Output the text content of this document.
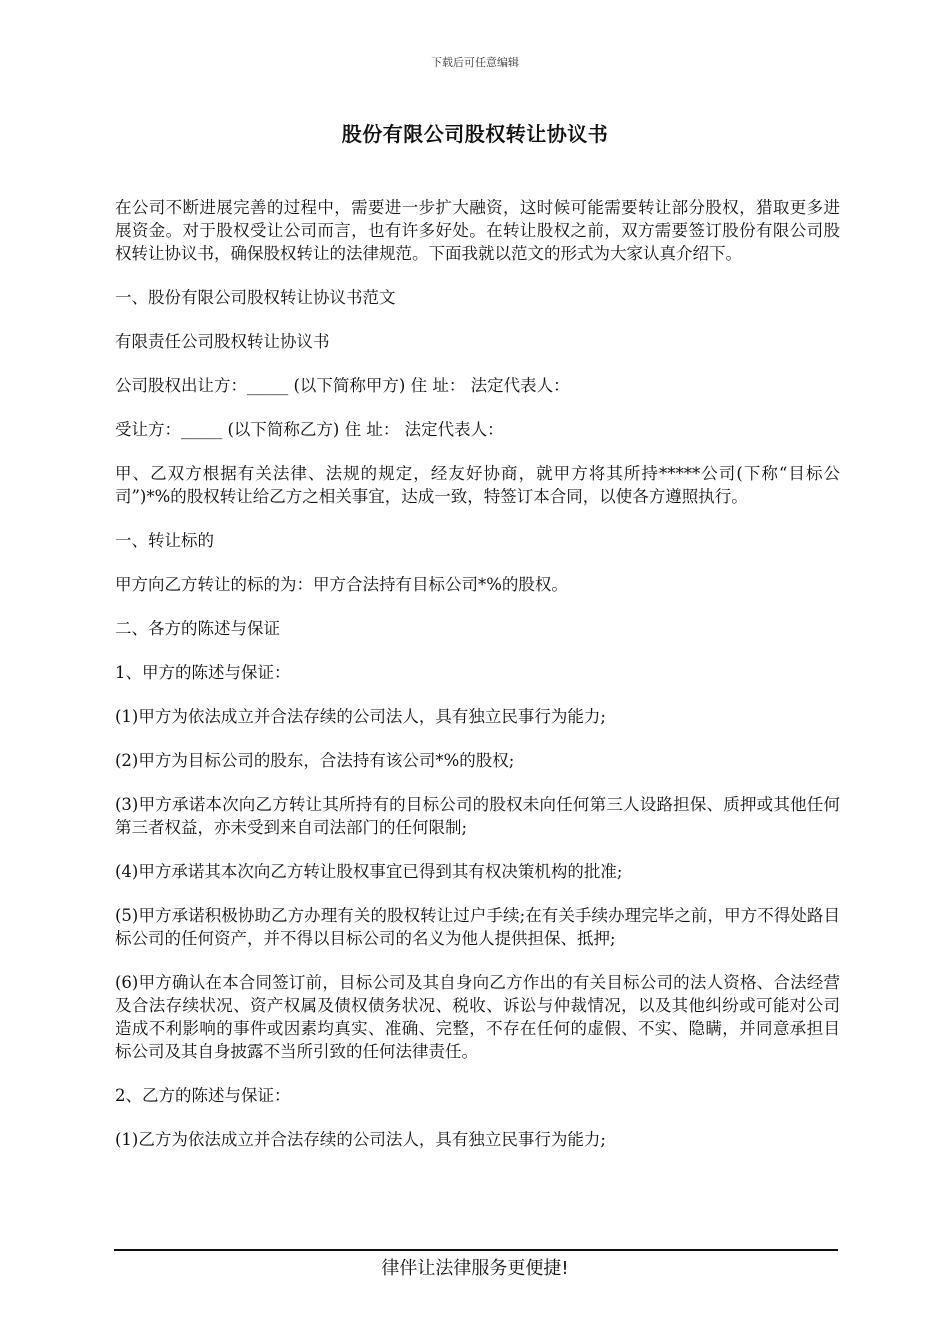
下载后可任意编辑
股份有限公司股权转让协议书

在公司不断进展完善的过程中，需要进一步扩大融资，这时候可能需要转让部分股权，猎取更多进展资金。对于股权受让公司而言，也有许多好处。在转让股权之前，双方需要签订股份有限公司股权转让协议书，确保股权转让的法律规范。下面我就以范文的形式为大家认真介绍下。

一、股份有限公司股权转让协议书范文

有限责任公司股权转让协议书

公司股权出让方：_____ (以下简称甲方) 住 址： 法定代表人：

受让方：_____ (以下简称乙方) 住 址： 法定代表人：

甲、乙双方根据有关法律、法规的规定，经友好协商，就甲方将其所持*****公司(下称“目标公司”)*%的股权转让给乙方之相关事宜，达成一致，特签订本合同，以使各方遵照执行。

一、转让标的

甲方向乙方转让的标的为：甲方合法持有目标公司*%的股权。

二、各方的陈述与保证

1、甲方的陈述与保证：

(1)甲方为依法成立并合法存续的公司法人，具有独立民事行为能力;

(2)甲方为目标公司的股东，合法持有该公司*%的股权;

(3)甲方承诺本次向乙方转让其所持有的目标公司的股权未向任何第三人设路担保、质押或其他任何第三者权益，亦未受到来自司法部门的任何限制;

(4)甲方承诺其本次向乙方转让股权事宜已得到其有权决策机构的批准;

(5)甲方承诺积极协助乙方办理有关的股权转让过户手续;在有关手续办理完毕之前，甲方不得处路目标公司的任何资产，并不得以目标公司的名义为他人提供担保、抵押;

(6)甲方确认在本合同签订前，目标公司及其自身向乙方作出的有关目标公司的法人资格、合法经营及合法存续状况、资产权属及债权债务状况、税收、诉讼与仲裁情况，以及其他纠纷或可能对公司造成不利影响的事件或因素均真实、准确、完整，不存在任何的虚假、不实、隐瞒，并同意承担目标公司及其自身披露不当所引致的任何法律责任。

2、乙方的陈述与保证：

(1)乙方为依法成立并合法存续的公司法人，具有独立民事行为能力;

律伴让法律服务更便捷!
